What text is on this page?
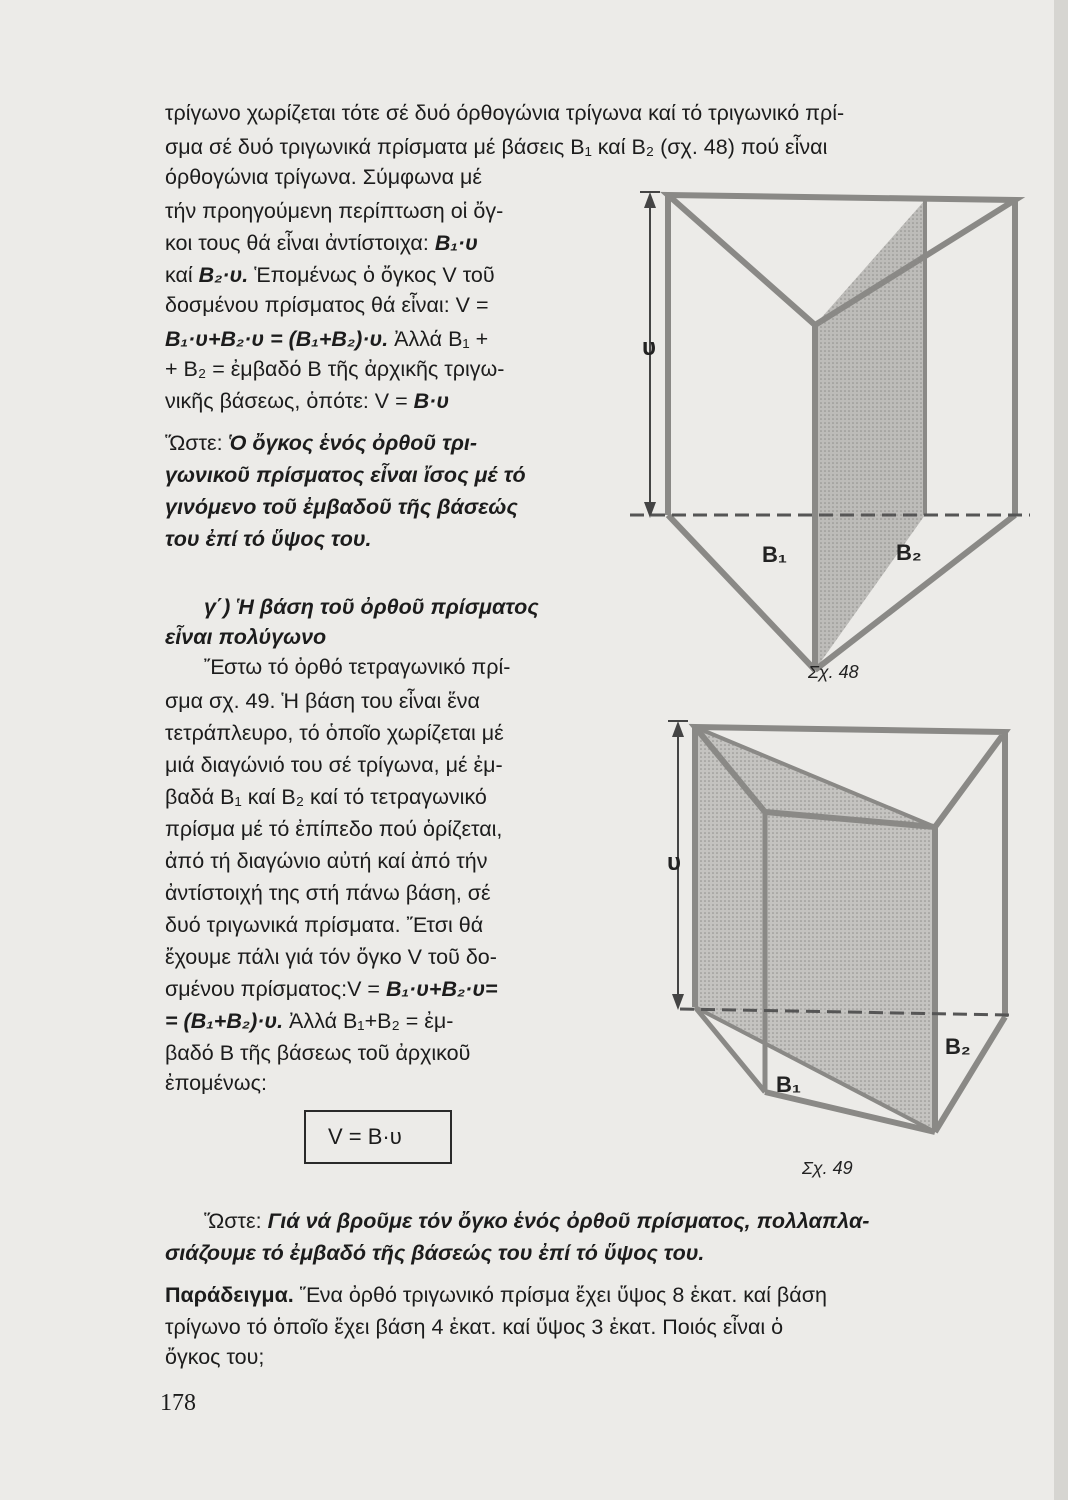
τρίγωνο χωρίζεται τότε σέ δυό όρθογώνια τρίγωνα καί τό τριγωνικό πρί-
σμα σέ δυό τριγωνικά πρίσματα μέ βάσεις B₁ καί B₂ (σχ. 48) πού εἶναι
όρθογώνια τρίγωνα. Σύμφωνα μέ
τήν προηγούμενη περίπτωση οἱ ὄγ-
κοι τους θά εἶναι ἀντίστοιχα: B₁·υ
καί B₂·υ. Ἑπομένως ὁ ὄγκος V τοῦ
δοσμένου πρίσματος θά εἶναι: V =
B₁·υ+B₂·υ = (B₁+B₂)·υ. Ἀλλά B₁ +
+ B₂ = ἐμβαδό B τῆς ἀρχικῆς τριγω-
νικῆς βάσεως, ὁπότε: V = B·υ
Ὥστε: Ὁ ὄγκος ἑνός ὀρθοῦ τρι-
γωνικοῦ πρίσματος εἶναι ἴσος μέ τό
γινόμενο τοῦ ἐμβαδοῦ τῆς βάσεώς
του ἐπί τό ὕψος του.
γ΄) Ἡ βάση τοῦ ὀρθοῦ πρίσματος
εἶναι πολύγωνο
Ἔστω τό ὀρθό τετραγωνικό πρί-
σμα σχ. 49. Ἡ βάση του εἶναι ἕνα
τετράπλευρο, τό ὁποῖο χωρίζεται μέ
μιά διαγώνιό του σέ τρίγωνα, μέ ἐμ-
βαδά B₁ καί B₂ καί τό τετραγωνικό
πρίσμα μέ τό ἐπίπεδο πού ὁρίζεται,
ἀπό τή διαγώνιο αὐτή καί ἀπό τήν
ἀντίστοιχή της στή πάνω βάση, σέ
δυό τριγωνικά πρίσματα. Ἔτσι θά
ἔχουμε πάλι γιά τόν ὄγκο V τοῦ δο-
σμένου πρίσματος:V = B₁·υ+B₂·υ=
= (B₁+B₂)·υ. Ἀλλά B₁+B₂ = ἐμ-
βαδό B τῆς βάσεως τοῦ ἀρχικοῦ
ἐπομένως:
V = B·υ
Ὥστε: Γιά νά βροῦμε τόν ὄγκο ἑνός ὀρθοῦ πρίσματος, πολλαπλα-
σιάζουμε τό ἐμβαδό τῆς βάσεώς του ἐπί τό ὕψος του.
Παράδειγμα. Ἕνα ὀρθό τριγωνικό πρίσμα ἔχει ὕψος 8 ἑκατ. καί βάση
τρίγωνο τό ὁποῖο ἔχει βάση 4 ἑκατ. καί ὕψος 3 ἑκατ. Ποιός εἶναι ὁ
ὄγκος του;
178
υ
B₁	B₂
Σχ. 48
υ
B₁
B₂
Σχ. 49
